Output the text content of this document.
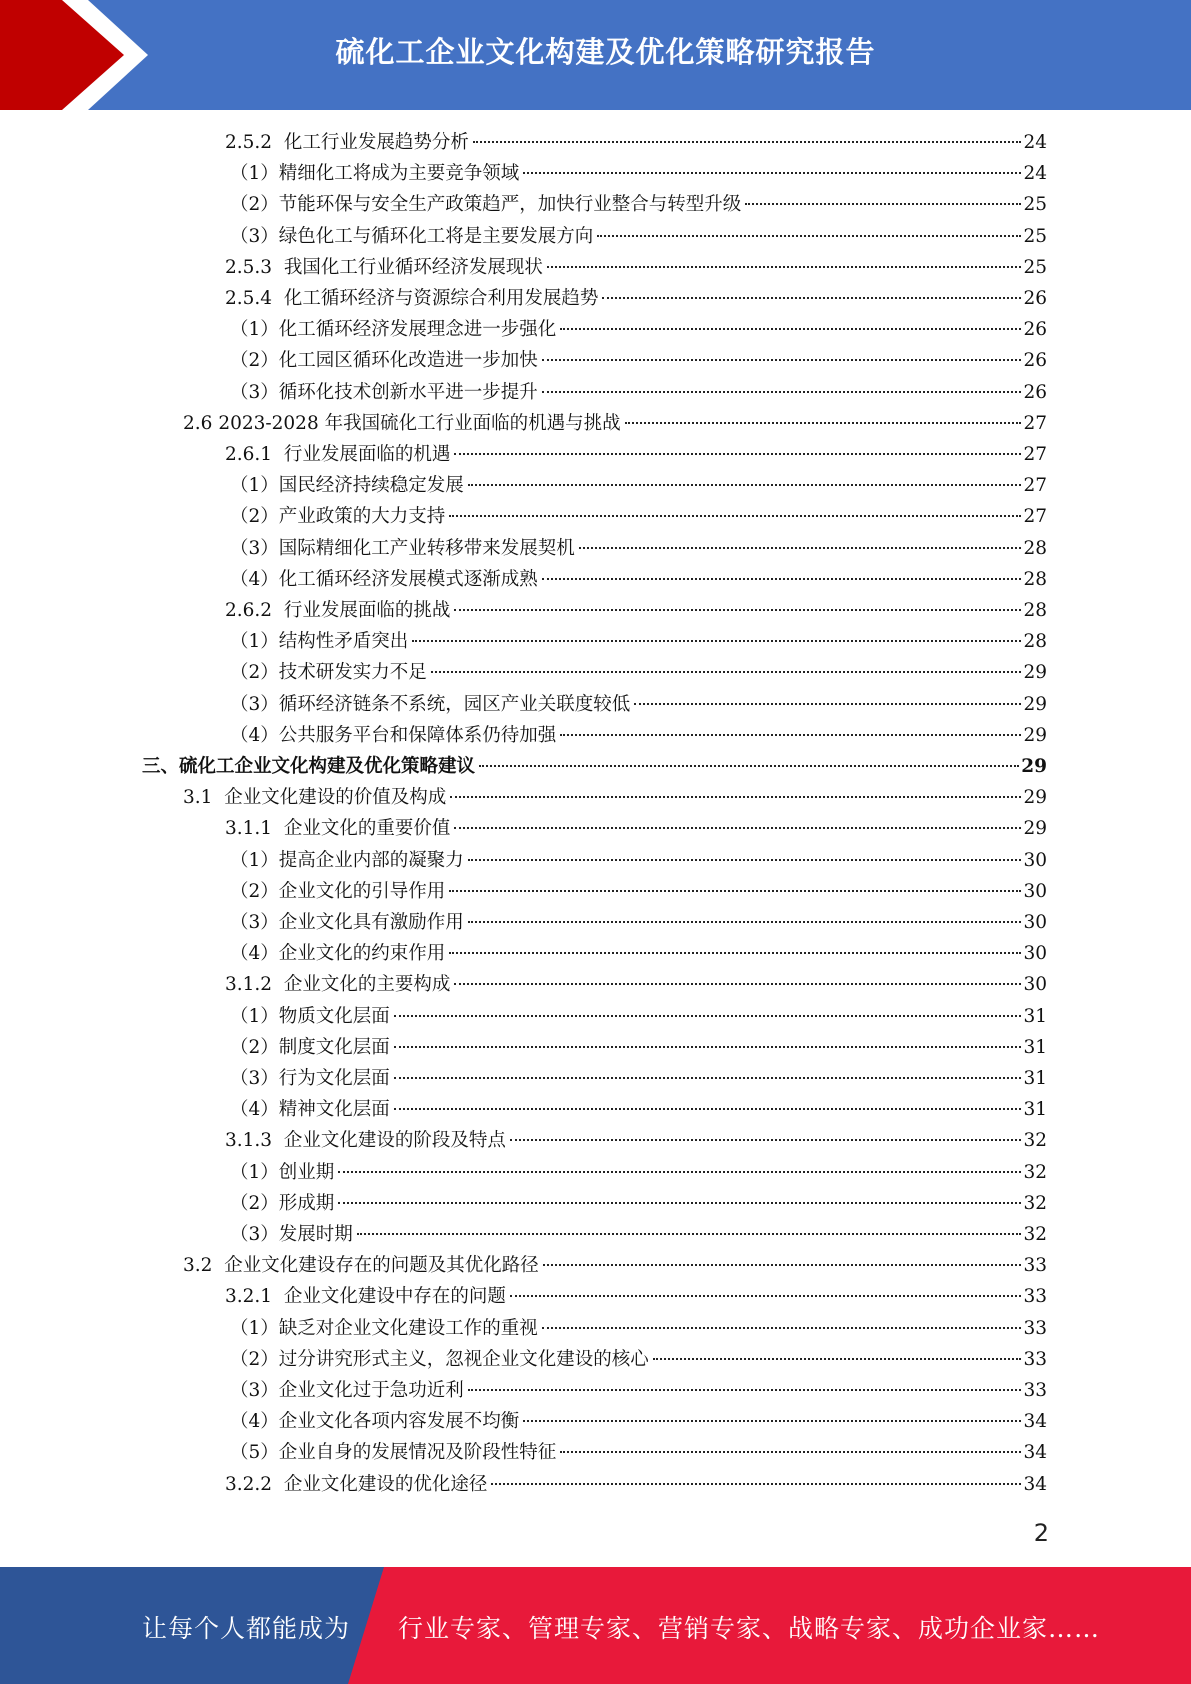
硫化工企业文化构建及优化策略研究报告
2.5.2 化工行业发展趋势分析	24
（1） 精细化工将成为主要竞争领域	24
（2） 节能环保与安全生产政策趋严，加快行业整合与转型升级	25
（3） 绿色化工与循环化工将是主要发展方向	25
2.5.3 我国化工行业循环经济发展现状	25
2.5.4 化工循环经济与资源综合利用发展趋势	26
（1） 化工循环经济发展理念进一步强化	26
（2） 化工园区循环化改造进一步加快	26
（3） 循环化技术创新水平进一步提升	26
2.6 2023-2028 年我国硫化工行业面临的机遇与挑战	27
2.6.1 行业发展面临的机遇	27
（1） 国民经济持续稳定发展	27
（2） 产业政策的大力支持	27
（3） 国际精细化工产业转移带来发展契机	28
（4） 化工循环经济发展模式逐渐成熟	28
2.6.2 行业发展面临的挑战	28
（1） 结构性矛盾突出	28
（2） 技术研发实力不足	29
（3） 循环经济链条不系统，园区产业关联度较低	29
（4） 公共服务平台和保障体系仍待加强	29
三、 硫化工企业文化构建及优化策略建议	29
3.1 企业文化建设的价值及构成	29
3.1.1 企业文化的重要价值	29
（1） 提高企业内部的凝聚力	30
（2） 企业文化的引导作用	30
（3） 企业文化具有激励作用	30
（4） 企业文化的约束作用	30
3.1.2 企业文化的主要构成	30
（1） 物质文化层面	31
（2） 制度文化层面	31
（3） 行为文化层面	31
（4） 精神文化层面	31
3.1.3 企业文化建设的阶段及特点	32
（1） 创业期	32
（2） 形成期	32
（3） 发展时期	32
3.2 企业文化建设存在的问题及其优化路径	33
3.2.1 企业文化建设中存在的问题	33
（1） 缺乏对企业文化建设工作的重视	33
（2） 过分讲究形式主义，忽视企业文化建设的核心	33
（3） 企业文化过于急功近利	33
（4） 企业文化各项内容发展不均衡	34
（5） 企业自身的发展情况及阶段性特征	34
3.2.2 企业文化建设的优化途径	34
2
让每个人都能成为 行业专家、管理专家、营销专家、战略专家、成功企业家……
